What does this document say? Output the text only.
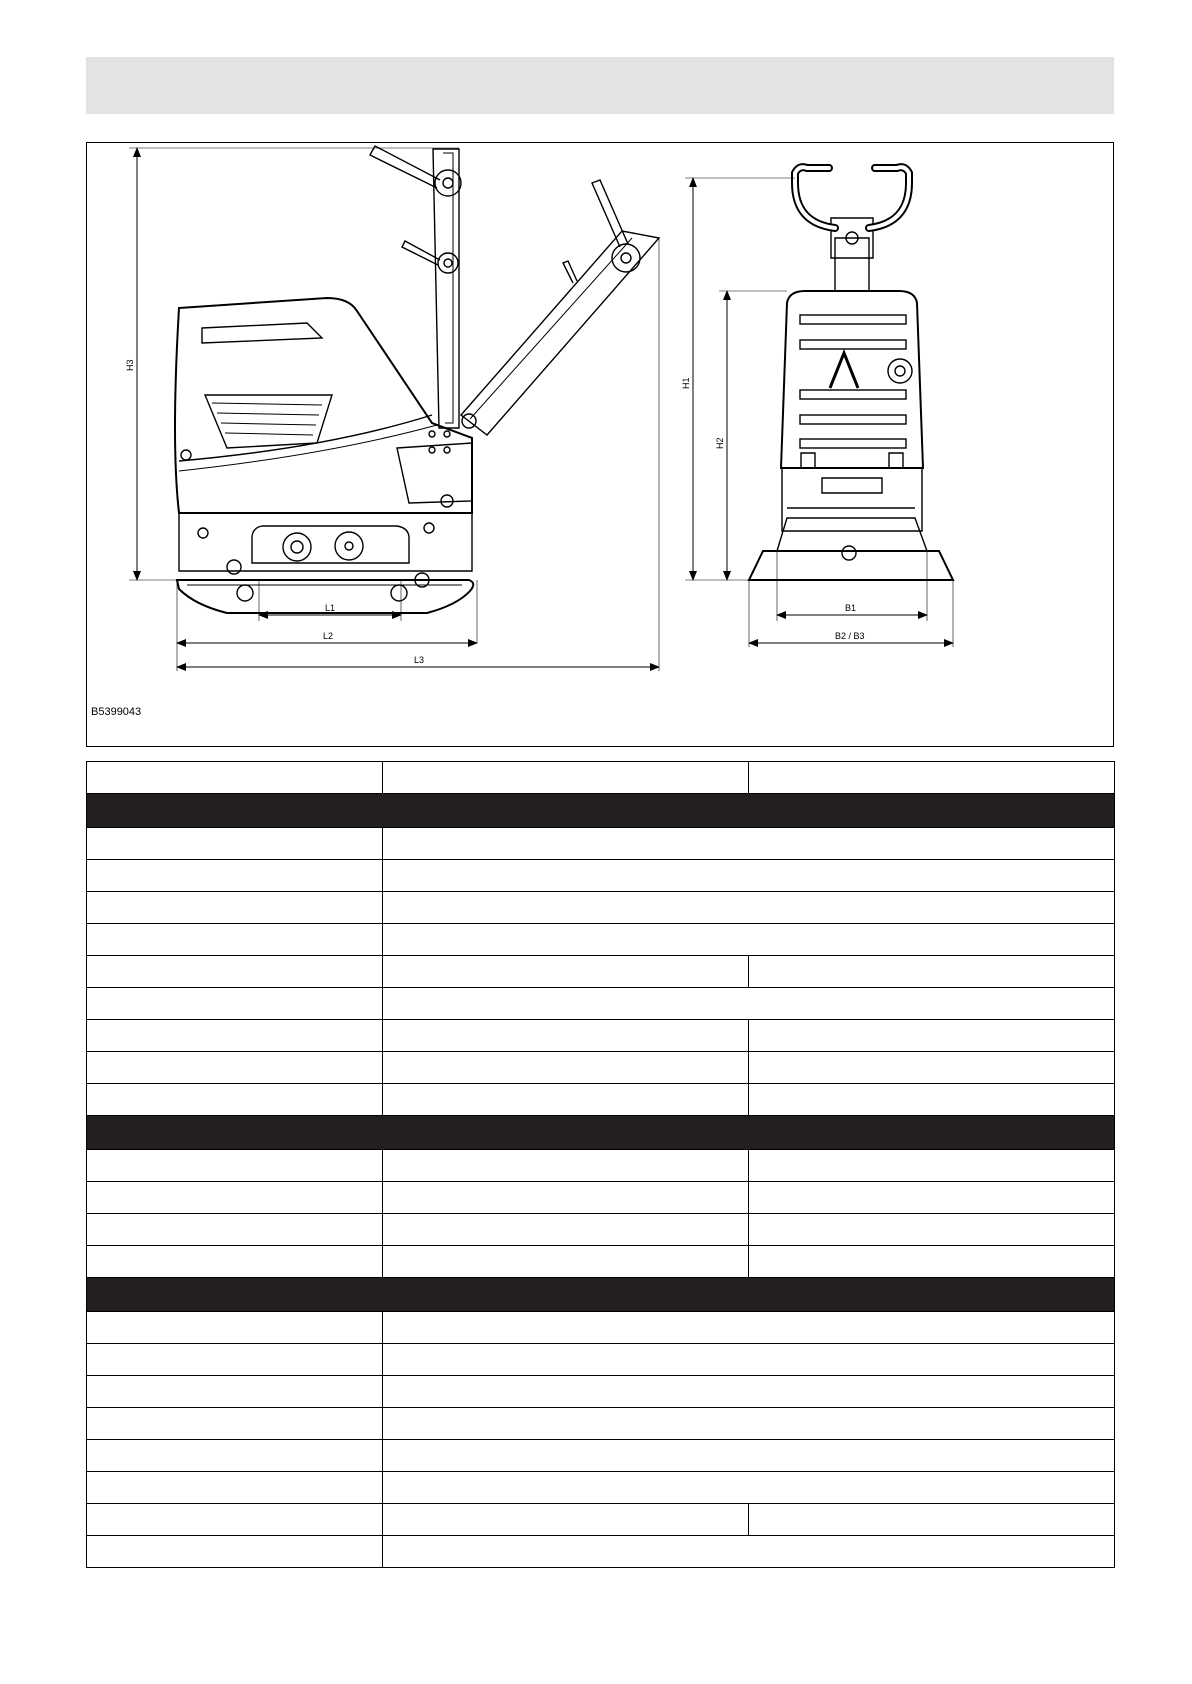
H3
H1
H2
L1
L2
L3
B1
B2 / B3
B5399043
